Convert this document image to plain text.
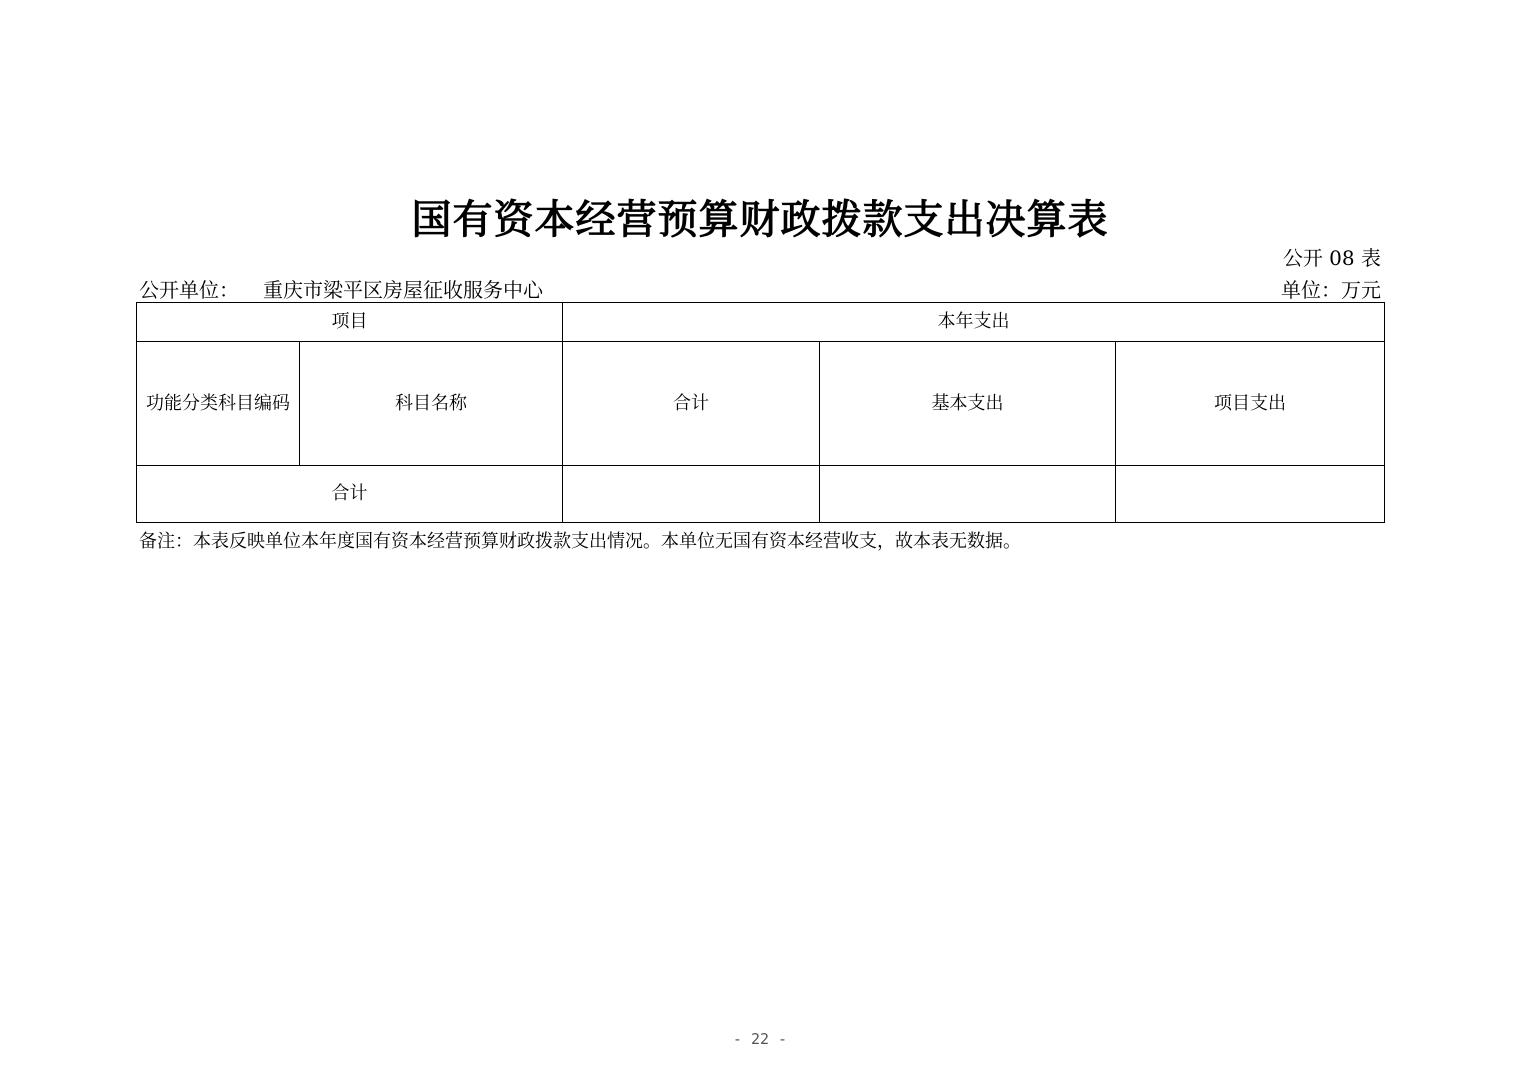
国有资本经营预算财政拨款支出决算表
公开 08 表
公开单位： 重庆市梁平区房屋征收服务中心	单位：万元
项目		本年支出		
功能分类科目编码	科目名称	合计	基本支出	项目支出
合计				
备注：本表反映单位本年度国有资本经营预算财政拨款支出情况。本单位无国有资本经营收支，故本表无数据。
- 22 -
